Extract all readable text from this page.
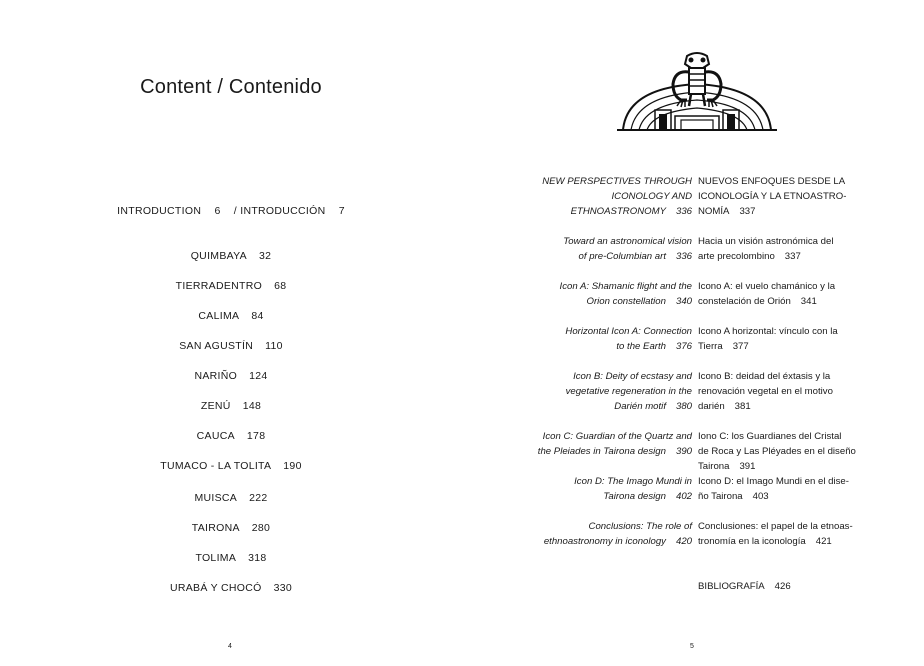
Content / Contenido
INTRODUCTION 6 / INTRODUCCIÓN 7
QUIMBAYA 32
TIERRADENTRO 68
CALIMA 84
SAN AGUSTÍN 110
NARIÑO 124
ZENÚ 148
CAUCA 178
TUMACO - LA TOLITA 190
MUISCA 222
TAIRONA 280
TOLIMA 318
URABÁ Y CHOCÓ 330
4
NEW PERSPECTIVES THROUGH
ICONOLOGY AND
ETHNOASTRONOMY 336
NUEVOS ENFOQUES DESDE LA
ICONOLOGÍA Y LA ETNOASTRO-
NOMÍA 337
Toward an astronomical vision
of pre-Columbian art 336
Hacia un visión astronómica del
arte precolombino 337
Icon A: Shamanic flight and the
Orion constellation 340
Icono A: el vuelo chamánico y la
constelación de Orión 341
Horizontal Icon A: Connection
to the Earth 376
Icono A horizontal: vínculo con la
Tierra 377
Icon B: Deity of ecstasy and
vegetative regeneration in the
Darién motif 380
Icono B: deidad del éxtasis y la
renovación vegetal en el motivo
darién 381
Icon C: Guardian of the Quartz and
the Pleiades in Tairona design 390
Iono C: los Guardianes del Cristal
de Roca y Las Pléyades en el diseño
Tairona 391
Icon D: The Imago Mundi in
Tairona design 402
Icono D: el Imago Mundi en el dise-
ño Tairona 403
Conclusions: The role of
ethnoastronomy in iconology 420
Conclusiones: el papel de la etnoas-
tronomía en la iconología 421
BIBLIOGRAFÍA 426
5
